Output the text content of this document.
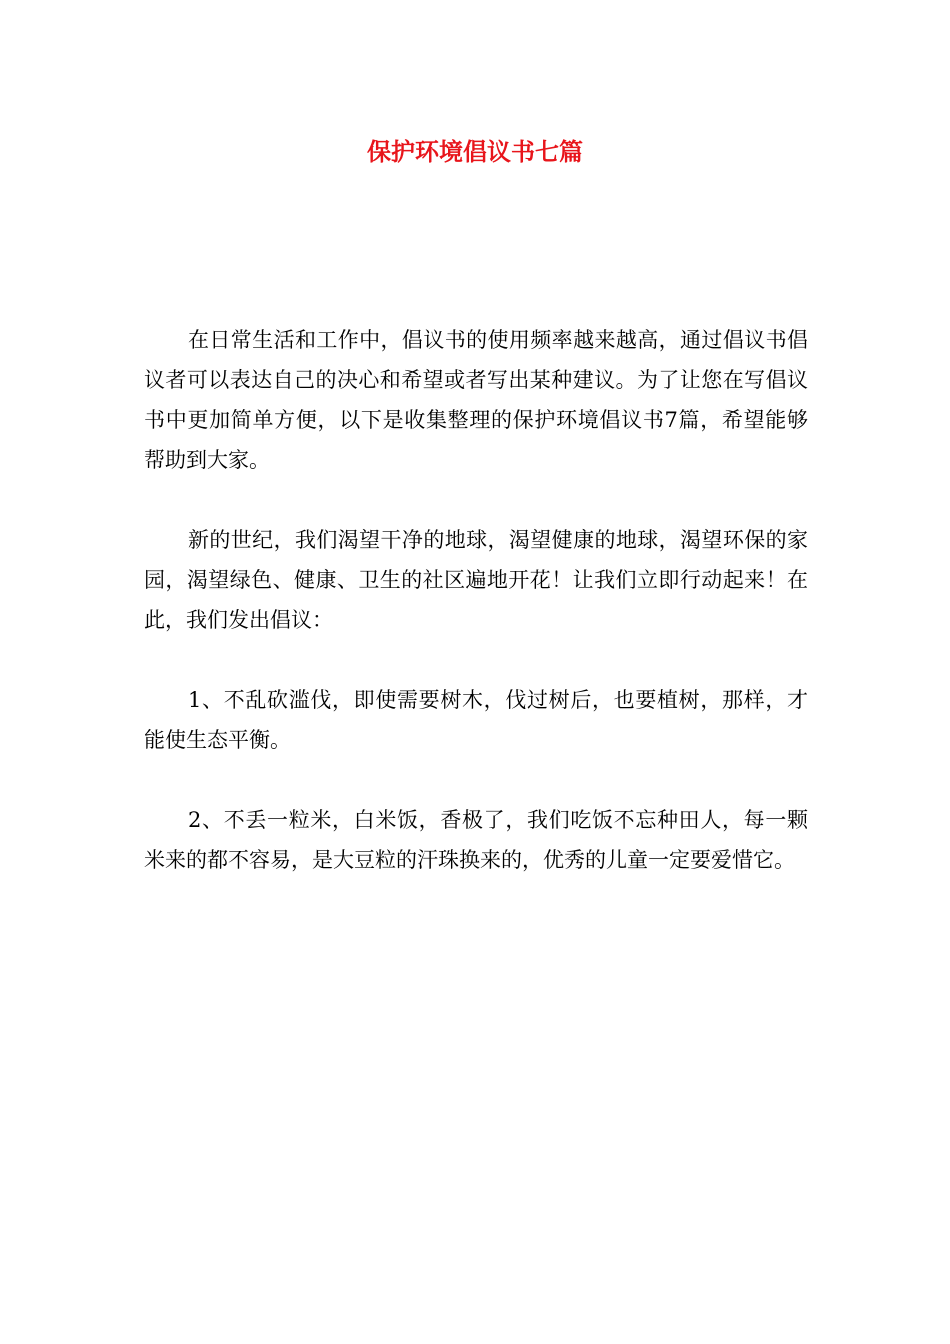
保护环境倡议书七篇

在日常生活和工作中，倡议书的使用频率越来越高，通过倡议书倡议者可以表达自己的决心和希望或者写出某种建议。为了让您在写倡议书中更加简单方便，以下是收集整理的保护环境倡议书7篇，希望能够帮助到大家。

新的世纪，我们渴望干净的地球，渴望健康的地球，渴望环保的家园，渴望绿色、健康、卫生的社区遍地开花！让我们立即行动起来！在此，我们发出倡议：

1、不乱砍滥伐，即使需要树木，伐过树后，也要植树，那样，才能使生态平衡。

2、不丢一粒米，白米饭，香极了，我们吃饭不忘种田人，每一颗米来的都不容易，是大豆粒的汗珠换来的，优秀的儿童一定要爱惜它。
